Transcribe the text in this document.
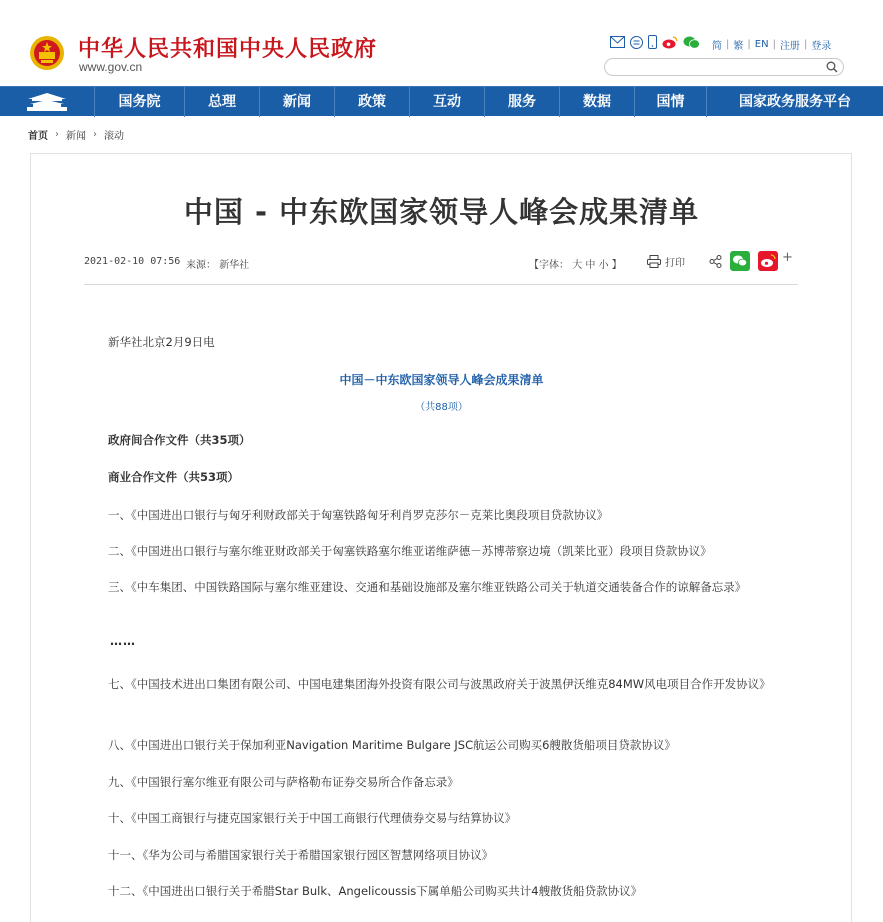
中华人民共和国中央人民政府
www.gov.cn
简 | 繁 | EN | 注册 | 登录
国务院	总理	新闻	政策	互动	服务	数据	国情	国家政务服务平台
首页 › 新闻 › 滚动
中国 - 中东欧国家领导人峰会成果清单
2021-02-10 07:56 来源： 新华社	【字体： 大 中 小 】	打印	+
新华社北京2月9日电
中国－中东欧国家领导人峰会成果清单
（共88项）
政府间合作文件（共35项）
商业合作文件（共53项）
一、《中国进出口银行与匈牙利财政部关于匈塞铁路匈牙利肖罗克莎尔－克莱比奥段项目贷款协议》
二、《中国进出口银行与塞尔维亚财政部关于匈塞铁路塞尔维亚诺维萨德－苏博蒂察边境（凯莱比亚）段项目贷款协议》
三、《中车集团、中国铁路国际与塞尔维亚建设、交通和基础设施部及塞尔维亚铁路公司关于轨道交通装备合作的谅解备忘录》
……
七、《中国技术进出口集团有限公司、中国电建集团海外投资有限公司与波黑政府关于波黑伊沃维克84MW风电项目合作开发协议》
八、《中国进出口银行关于保加利亚Navigation Maritime Bulgare JSC航运公司购买6艘散货船项目贷款协议》
九、《中国银行塞尔维亚有限公司与萨格勒布证券交易所合作备忘录》
十、《中国工商银行与捷克国家银行关于中国工商银行代理债券交易与结算协议》
十一、《华为公司与希腊国家银行关于希腊国家银行园区智慧网络项目协议》
十二、《中国进出口银行关于希腊Star Bulk、Angelicoussis下属单船公司购买共计4艘散货船贷款协议》
